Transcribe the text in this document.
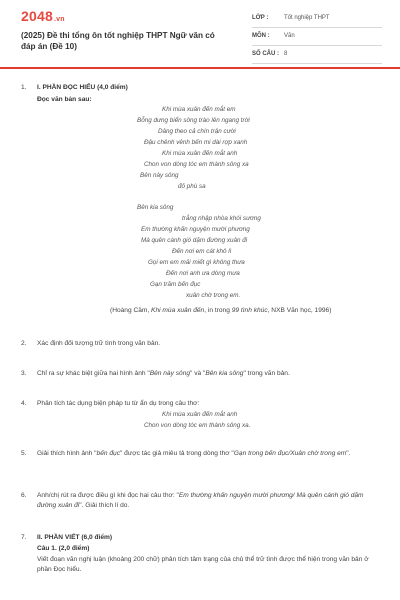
2048.vn
(2025) Đề thi tổng ôn tốt nghiệp THPT Ngữ văn có đáp án (Đề 10)
LỚP :	Tốt nghiệp THPT
MÔN : Văn
SỐ CÂU : 8
1. I. PHẦN ĐỌC HIỂU (4,0 điểm)
Đọc văn bản sau:
Khi mùa xuân đến mắt em
Bỗng dưng biển sông trào lên ngang trời
Dâng theo cả chín trận cười
Đậu chênh vênh bến mi dài rợp xanh
Khi mùa xuân đến mắt anh
Chon von dòng tóc em thành sông xa
Bên này sông
đỏ phù sa
Bên kia sông
trắng nhập nhòa khói sương
Em thường khấn nguyện mười phương
Mà quên cánh gió dặm đường xuân đi
Đến nơi em cát khô lì
Gọi em em mải miết gì không thưa
Đến nơi anh ưa dòng mưa
Gạn trăm bến đục
xuân chờ trong em.
(Hoàng Cầm, Khi mùa xuân đến, in trong 99 tình khúc, NXB Văn học, 1996)
2. Xác định đối tượng trữ tình trong văn bản.
3. Chỉ ra sự khác biệt giữa hai hình ảnh "Bên này sông" và "Bên kia sông" trong văn bản.
4. Phân tích tác dụng biện pháp tu từ ẩn dụ trong câu thơ:
Khi mùa xuân đến mắt anh
Chon von dòng tóc em thành sông xa.
5. Giải thích hình ảnh "bến đục" được tác giả miêu tả trong dòng thơ "Gạn trong bến đục/Xuân chờ trong em".
6. Anh/chị rút ra được điều gì khi đọc hai câu thơ: "Em thường khấn nguyện mười phương/ Mà quên cánh gió dặm đường xuân đi". Giải thích lí do.
7. II. PHẦN VIẾT (6,0 điểm)
Câu 1. (2,0 điểm)
Viết đoạn văn nghị luận (khoảng 200 chữ) phân tích tâm trạng của chủ thể trữ tình được thể hiện trong văn bản ở phần Đọc hiểu.
